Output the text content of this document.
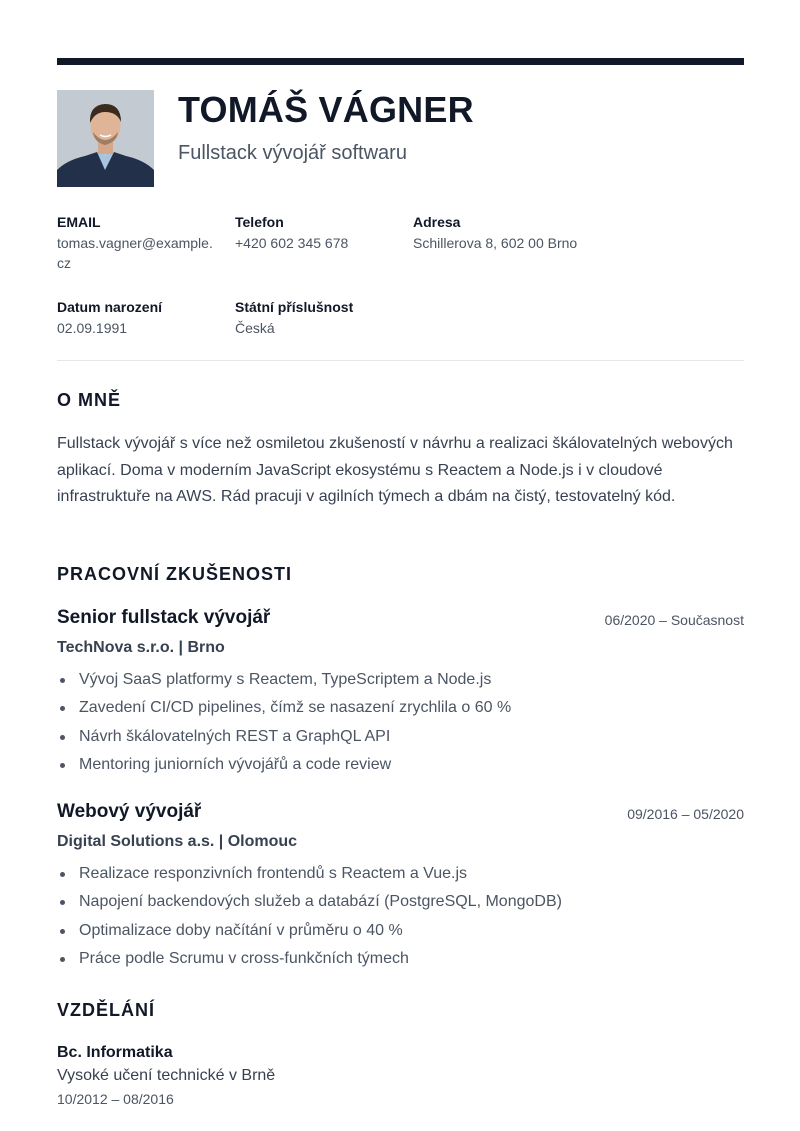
TOMÁŠ VÁGNER
Fullstack vývojář softwaru
EMAIL
tomas.vagner@example.cz
Telefon
+420 602 345 678
Adresa
Schillerova 8, 602 00 Brno
Datum narození
02.09.1991
Státní příslušnost
Česká
O MNĚ
Fullstack vývojář s více než osmiletou zkušeností v návrhu a realizaci škálovatelných webových aplikací. Doma v moderním JavaScript ekosystému s Reactem a Node.js i v cloudové infrastruktuře na AWS. Rád pracuji v agilních týmech a dbám na čistý, testovatelný kód.
PRACOVNÍ ZKUŠENOSTI
Senior fullstack vývojář	06/2020 – Současnost
TechNova s.r.o. | Brno
Vývoj SaaS platformy s Reactem, TypeScriptem a Node.js
Zavedení CI/CD pipelines, čímž se nasazení zrychlila o 60 %
Návrh škálovatelných REST a GraphQL API
Mentoring juniorních vývojářů a code review
Webový vývojář	09/2016 – 05/2020
Digital Solutions a.s. | Olomouc
Realizace responzivních frontendů s Reactem a Vue.js
Napojení backendových služeb a databází (PostgreSQL, MongoDB)
Optimalizace doby načítání v průměru o 40 %
Práce podle Scrumu v cross-funkčních týmech
VZDĚLÁNÍ
Bc. Informatika
Vysoké učení technické v Brně
10/2012 – 08/2016
